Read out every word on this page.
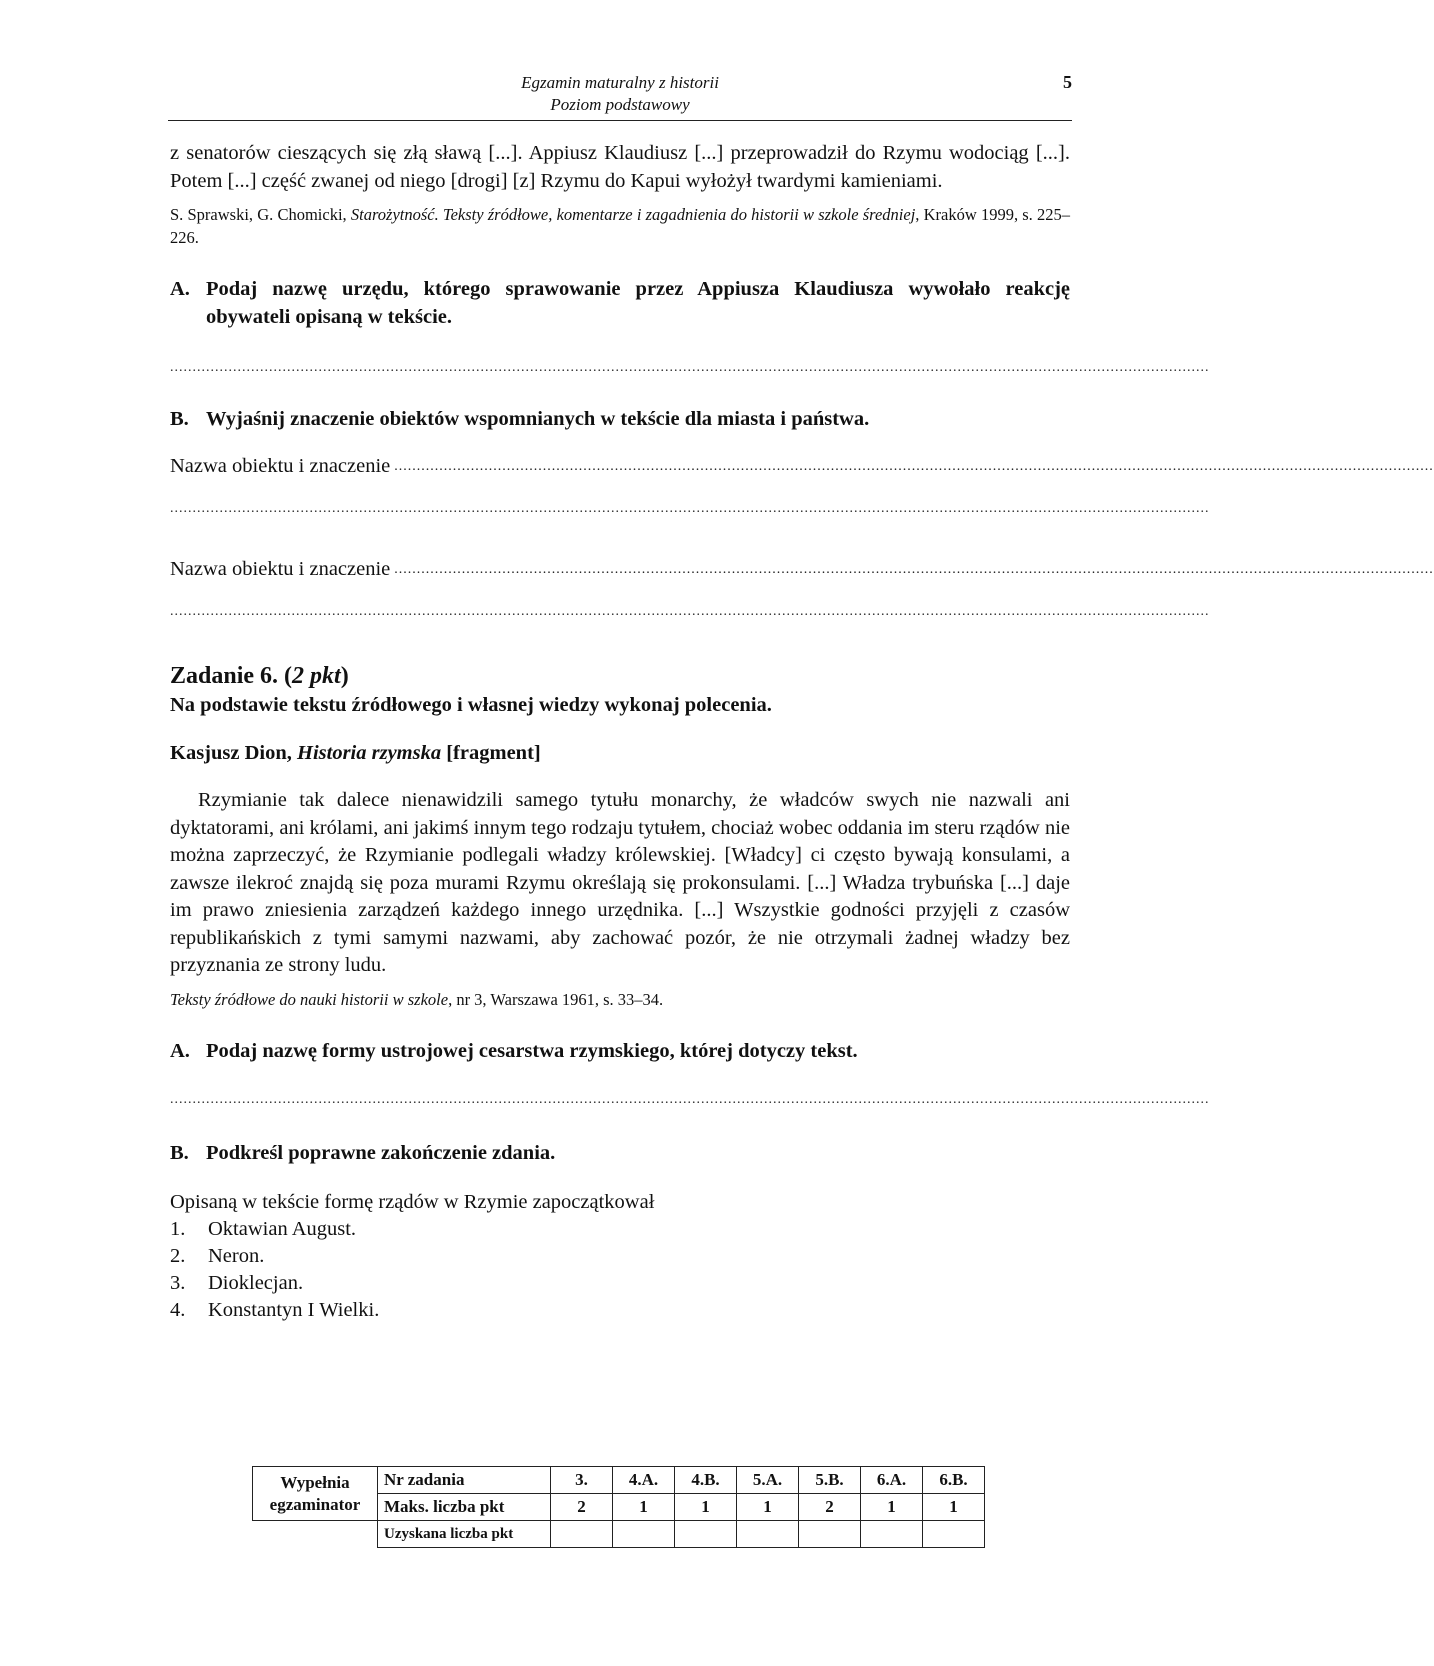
Egzamin maturalny z historii
Poziom podstawowy
5

z senatorów cieszących się złą sławą [...]. Appiusz Klaudiusz [...] przeprowadził do Rzymu wodociąg [...]. Potem [...] część zwanej od niego [drogi] [z] Rzymu do Kapui wyłożył twardymi kamieniami.

S. Sprawski, G. Chomicki, Starożytność. Teksty źródłowe, komentarze i zagadnienia do historii w szkole średniej, Kraków 1999, s. 225–226.

A. Podaj nazwę urzędu, którego sprawowanie przez Appiusza Klaudiusza wywołało reakcję obywateli opisaną w tekście.
.......................................................................................................................................................................................................................................
B. Wyjaśnij znaczenie obiektów wspomnianych w tekście dla miasta i państwa.
Nazwa obiektu i znaczenie .......................................................................................................................................................................................................................................
.......................................................................................................................................................................................................................................
Nazwa obiektu i znaczenie .......................................................................................................................................................................................................................................
.......................................................................................................................................................................................................................................

Zadanie 6. (2 pkt)

Na podstawie tekstu źródłowego i własnej wiedzy wykonaj polecenia.

Kasjusz Dion, Historia rzymska [fragment]

Rzymianie tak dalece nienawidzili samego tytułu monarchy, że władców swych nie nazwali ani dyktatorami, ani królami, ani jakimś innym tego rodzaju tytułem, chociaż wobec oddania im steru rządów nie można zaprzeczyć, że Rzymianie podlegali władzy królewskiej. [Władcy] ci często bywają konsulami, a zawsze ilekroć znajdą się poza murami Rzymu określają się prokonsulami. [...] Władza trybuńska [...] daje im prawo zniesienia zarządzeń każdego innego urzędnika. [...] Wszystkie godności przyjęli z czasów republikańskich z tymi samymi nazwami, aby zachować pozór, że nie otrzymali żadnej władzy bez przyznania ze strony ludu.

Teksty źródłowe do nauki historii w szkole, nr 3, Warszawa 1961, s. 33–34.

A. Podaj nazwę formy ustrojowej cesarstwa rzymskiego, której dotyczy tekst.
.......................................................................................................................................................................................................................................
B. Podkreśl poprawne zakończenie zdania.

Opisaną w tekście formę rządów w Rzymie zapoczątkował

1.	Oktawian August.
2.	Neron.
3.	Dioklecjan.
4.	Konstantyn I Wielki.
Wypełnia
egzaminator	Nr zadania	3.	4.A.	4.B.	5.A.	5.B.	6.A.	6.B.
	Maks. liczba pkt	2	1	1	1	2	1	1
	Uzyskana liczba pkt							
